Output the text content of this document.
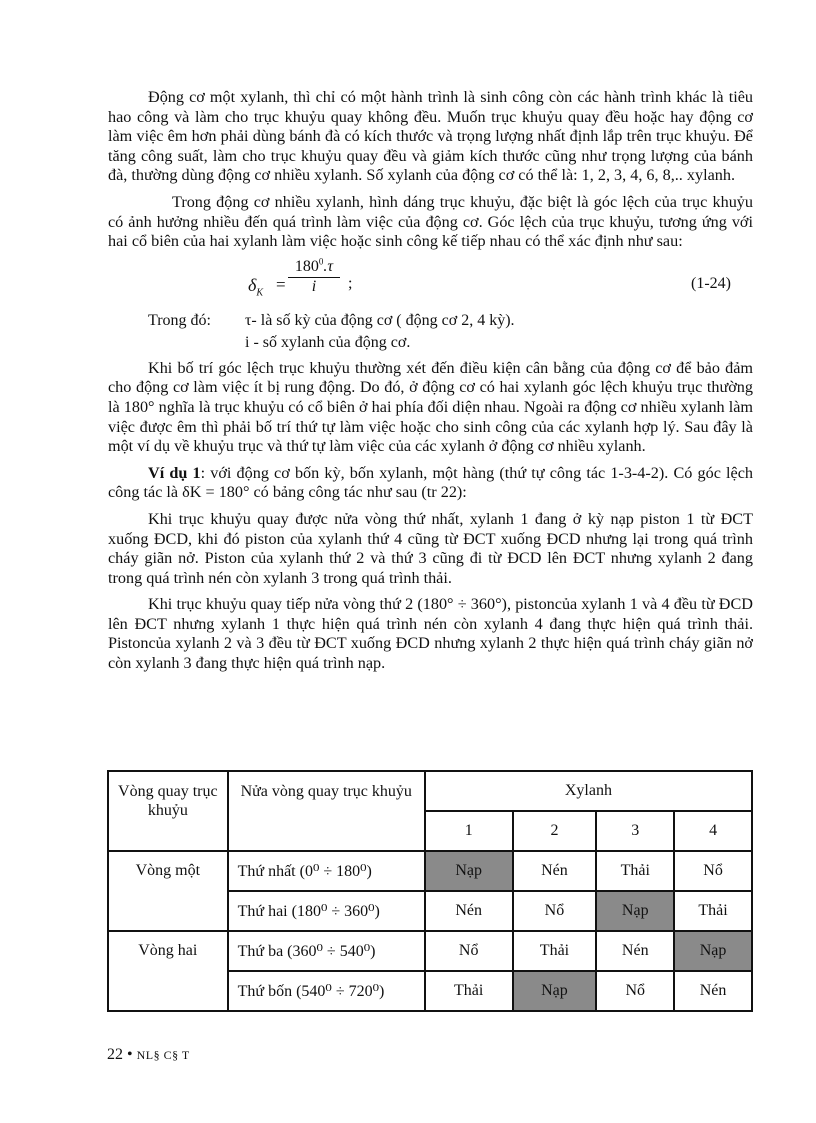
Động cơ một xylanh, thì chỉ có một hành trình là sinh công còn các hành trình khác là tiêu hao công và làm cho trục khuỷu quay không đều. Muốn trục khuỷu quay đều hoặc hay động cơ làm việc êm hơn phải dùng bánh đà có kích thước và trọng lượng nhất định lắp trên trục khuỷu. Để tăng công suất, làm cho trục khuỷu quay đều và giảm kích thước cũng như trọng lượng của bánh đà, thường dùng động cơ nhiều xylanh. Số xylanh của động cơ có thể là: 1, 2, 3, 4, 6, 8,.. xylanh.

Trong động cơ nhiều xylanh, hình dáng trục khuỷu, đặc biệt là góc lệch của trục khuỷu có ảnh hưởng nhiều đến quá trình làm việc của động cơ. Góc lệch của trục khuỷu, tương ứng với hai cổ biên của hai xylanh làm việc hoặc sinh công kế tiếp nhau có thể xác định như sau:

$\delta_K = \frac{180^0.\tau}{i}$ ;	(1-24)
Trong đó: τ- là số kỳ của động cơ ( động cơ 2, 4 kỳ).
i - số xylanh của động cơ.

Khi bố trí góc lệch trục khuỷu thường xét đến điều kiện cân bằng của động cơ để bảo đảm cho động cơ làm việc ít bị rung động. Do đó, ở động cơ có hai xylanh góc lệch khuỷu trục thường là 180° nghĩa là trục khuỷu có cổ biên ở hai phía đối diện nhau. Ngoài ra động cơ nhiều xylanh làm việc được êm thì phải bố trí thứ tự làm việc hoặc cho sinh công của các xylanh hợp lý. Sau đây là một ví dụ về khuỷu trục và thứ tự làm việc của các xylanh ở động cơ nhiều xylanh.

Ví dụ 1: với động cơ bốn kỳ, bốn xylanh, một hàng (thứ tự công tác 1-3-4-2). Có góc lệch công tác là δK = 180° có bảng công tác như sau (tr 22):

Khi trục khuỷu quay được nửa vòng thứ nhất, xylanh 1 đang ở kỳ nạp piston 1 từ ĐCT xuống ĐCD, khi đó piston của xylanh thứ 4 cũng từ ĐCT xuống ĐCD nhưng lại trong quá trình cháy giãn nở. Piston của xylanh thứ 2 và thứ 3 cũng đi từ ĐCD lên ĐCT nhưng xylanh 2 đang trong quá trình nén còn xylanh 3 trong quá trình thải.

Khi trục khuỷu quay tiếp nửa vòng thứ 2 (180° ÷ 360°), pistoncủa xylanh 1 và 4 đều từ ĐCD lên ĐCT nhưng xylanh 1 thực hiện quá trình nén còn xylanh 4 đang thực hiện quá trình thải. Pistoncủa xylanh 2 và 3 đều từ ĐCT xuống ĐCD nhưng xylanh 2 thực hiện quá trình cháy giãn nở còn xylanh 3 đang thực hiện quá trình nạp.

Vòng quay trục khuỷu	Nửa vòng quay trục khuỷu	Xylanh			
		1	2	3	4
Vòng một	Thứ nhất (0⁰ ÷ 180⁰)	Nạp	Nén	Thải	Nổ
	Thứ hai (180⁰ ÷ 360⁰)	Nén	Nổ	Nạp	Thải
Vòng hai	Thứ ba (360⁰ ÷ 540⁰)	Nổ	Thải	Nén	Nạp
	Thứ bốn (540⁰ ÷ 720⁰)	Thải	Nạp	Nổ	Nén
22 • NL§ C§ T
